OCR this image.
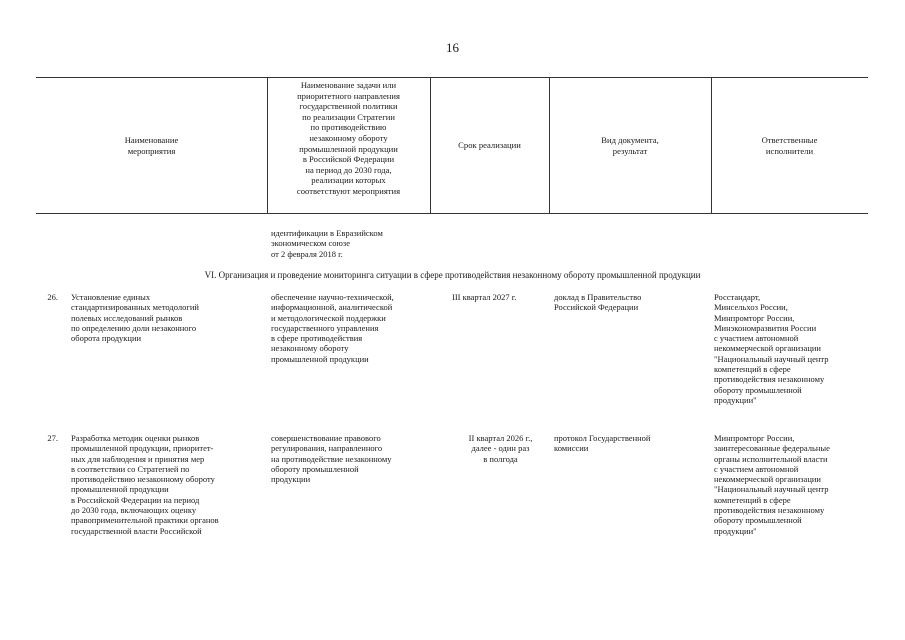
16
Наименование
мероприятия
Наименование задачи или
приоритетного направления
государственной политики
по реализации Стратегии
по противодействию
незаконному обороту
промышленной продукции
в Российской Федерации
на период до 2030 года,
реализации которых
соответствуют мероприятия
Срок реализации	Вид документа,
результат
Ответственные
исполнители
идентификации в Евразийском
экономическом союзе
от 2 февраля 2018 г.
VI. Организация и проведение мониторинга ситуации в сфере противодействия незаконному обороту промышленной продукции
26. Установление единых
стандартизированных методологий
полевых исследований рынков
по определению доли незаконного
оборота продукции
обеспечение научно-технической,
информационной, аналитической
и методологической поддержки
государственного управления
в сфере противодействия
незаконному обороту
промышленной продукции
III квартал 2027 г.	доклад в Правительство
Российской Федерации
Росстандарт,
Минсельхоз России,
Минпромторг России,
Минэкономразвития России
с участием автономной
некоммерческой организации
"Национальный научный центр
компетенций в сфере
противодействия незаконному
обороту промышленной
продукции"
27. Разработка методик оценки рынков
промышленной продукции, приоритет-
ных для наблюдения и принятия мер
в соответствии со Стратегией по
противодействию незаконному обороту
промышленной продукции
в Российской Федерации на период
до 2030 года, включающих оценку
правоприменительной практики органов
государственной власти Российской
совершенствование правового
регулирования, направленного
на противодействие незаконному
обороту промышленной
продукции
II квартал 2026 г.,
далее - один раз
в полгода
протокол Государственной
комиссии
Минпромторг России,
заинтересованные федеральные
органы исполнительной власти
с участием автономной
некоммерческой организации
"Национальный научный центр
компетенций в сфере
противодействия незаконному
обороту промышленной
продукции"
